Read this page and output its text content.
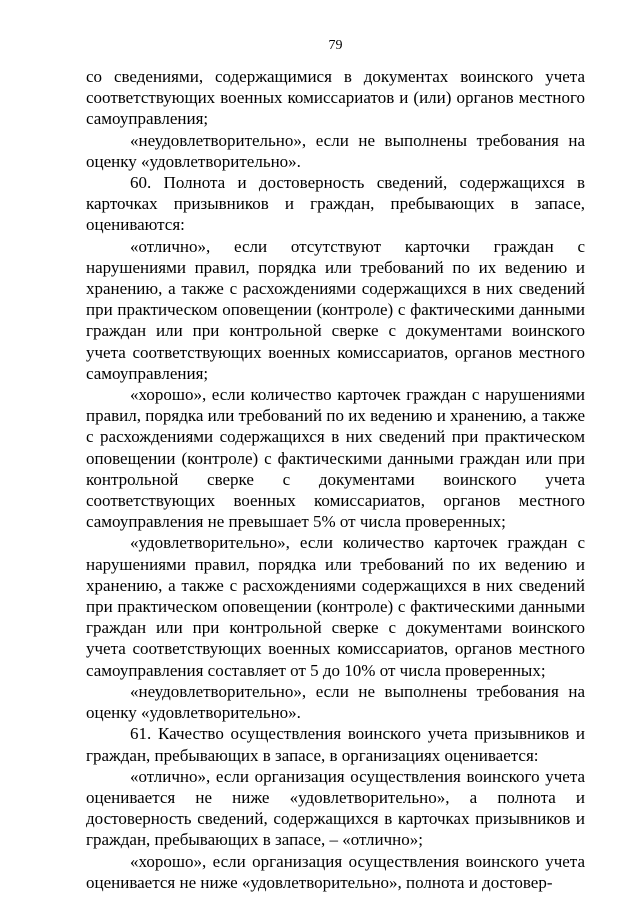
79

со сведениями, содержащимися в документах воинского учета соответствующих военных комиссариатов и (или) органов местного самоуправления;

«неудовлетворительно», если не выполнены требования на оценку «удовлетворительно».

60. Полнота и достоверность сведений, содержащихся в карточках призывников и граждан, пребывающих в запасе, оцениваются:

«отлично», если отсутствуют карточки граждан с нарушениями правил, порядка или требований по их ведению и хранению, а также с расхождениями содержащихся в них сведений при практическом оповещении (контроле) с фактическими данными граждан или при контрольной сверке с документами воинского учета соответствующих военных комиссариатов, органов местного самоуправления;

«хорошо», если количество карточек граждан с нарушениями правил, порядка или требований по их ведению и хранению, а также с расхождениями содержащихся в них сведений при практическом оповещении (контроле) с фактическими данными граждан или при контрольной сверке с документами воинского учета соответствующих военных комиссариатов, органов местного самоуправления не превышает 5% от числа проверенных;

«удовлетворительно», если количество карточек граждан с нарушениями правил, порядка или требований по их ведению и хранению, а также с расхождениями содержащихся в них сведений при практическом оповещении (контроле) с фактическими данными граждан или при контрольной сверке с документами воинского учета соответствующих военных комиссариатов, органов местного самоуправления составляет от 5 до 10% от числа проверенных;

«неудовлетворительно», если не выполнены требования на оценку «удовлетворительно».

61. Качество осуществления воинского учета призывников и граждан, пребывающих в запасе, в организациях оценивается:

«отлично», если организация осуществления воинского учета оценивается не ниже «удовлетворительно», а полнота и достоверность сведений, содержащихся в карточках призывников и граждан, пребывающих в запасе, – «отлично»;

«хорошо», если организация осуществления воинского учета оценивается не ниже «удовлетворительно», полнота и достовер-
